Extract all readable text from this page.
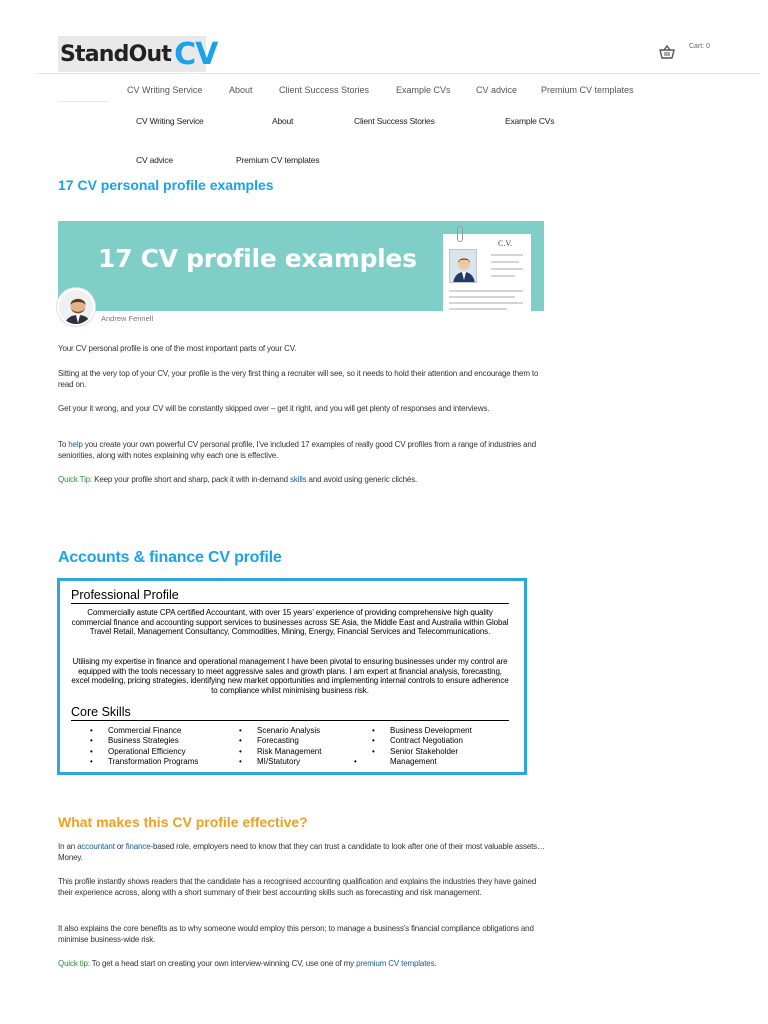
StandOut CV	Cart: 0
CV Writing Service	About	Client Success Stories	Example CVs	CV advice	Premium CV templates
CV Writing Service	About	Client Success Stories	Example CVs
CV advice	Premium CV templates
17 CV personal profile examples
17 CV profile examples
C.V.
Andrew Fennell

Your CV personal profile is one of the most important parts of your CV.

Sitting at the very top of your CV, your profile is the very first thing a recruiter will see, so it needs to hold their attention and encourage them to read on.

Get your it wrong, and your CV will be constantly skipped over – get it right, and you will get plenty of responses and interviews.

To help you create your own powerful CV personal profile, I've included 17 examples of really good CV profiles from a range of industries and seniorities, along with notes explaining why each one is effective.

Quick Tip: Keep your profile short and sharp, pack it with in-demand skills and avoid using generic clichés.

Accounts & finance CV profile
Professional Profile
Commercially astute CPA certified Accountant, with over 15 years' experience of providing comprehensive high quality commercial finance and accounting support services to businesses across SE Asia, the Middle East and Australia within Global Travel Retail, Management Consultancy, Commodities, Mining, Energy, Financial Services and Telecommunications.
Utilising my expertise in finance and operational management I have been pivotal to ensuring businesses under my control are equipped with the tools necessary to meet aggressive sales and growth plans. I am expert at financial analysis, forecasting, excel modeling, pricing strategies, identifying new market opportunities and implementing internal controls to ensure adherence to compliance whilst minimising business risk.
Core Skills
• Commercial Finance
• Business Strategies
• Operational Efficiency
• Transformation Programs
• Scenario Analysis
• Forecasting
• Risk Management
• MI/Statutory
• Business Development
• Contract Negotiation
• Senior Stakeholder
• Management
What makes this CV profile effective?

In an accountant or finance-based role, employers need to know that they can trust a candidate to look after one of their most valuable assets… Money.

This profile instantly shows readers that the candidate has a recognised accounting qualification and explains the industries they have gained their experience across, along with a short summary of their best accounting skills such as forecasting and risk management.

It also explains the core benefits as to why someone would employ this person; to manage a business's financial compliance obligations and minimise business-wide risk.

Quick tip: To get a head start on creating your own interview-winning CV, use one of my premium CV templates.
